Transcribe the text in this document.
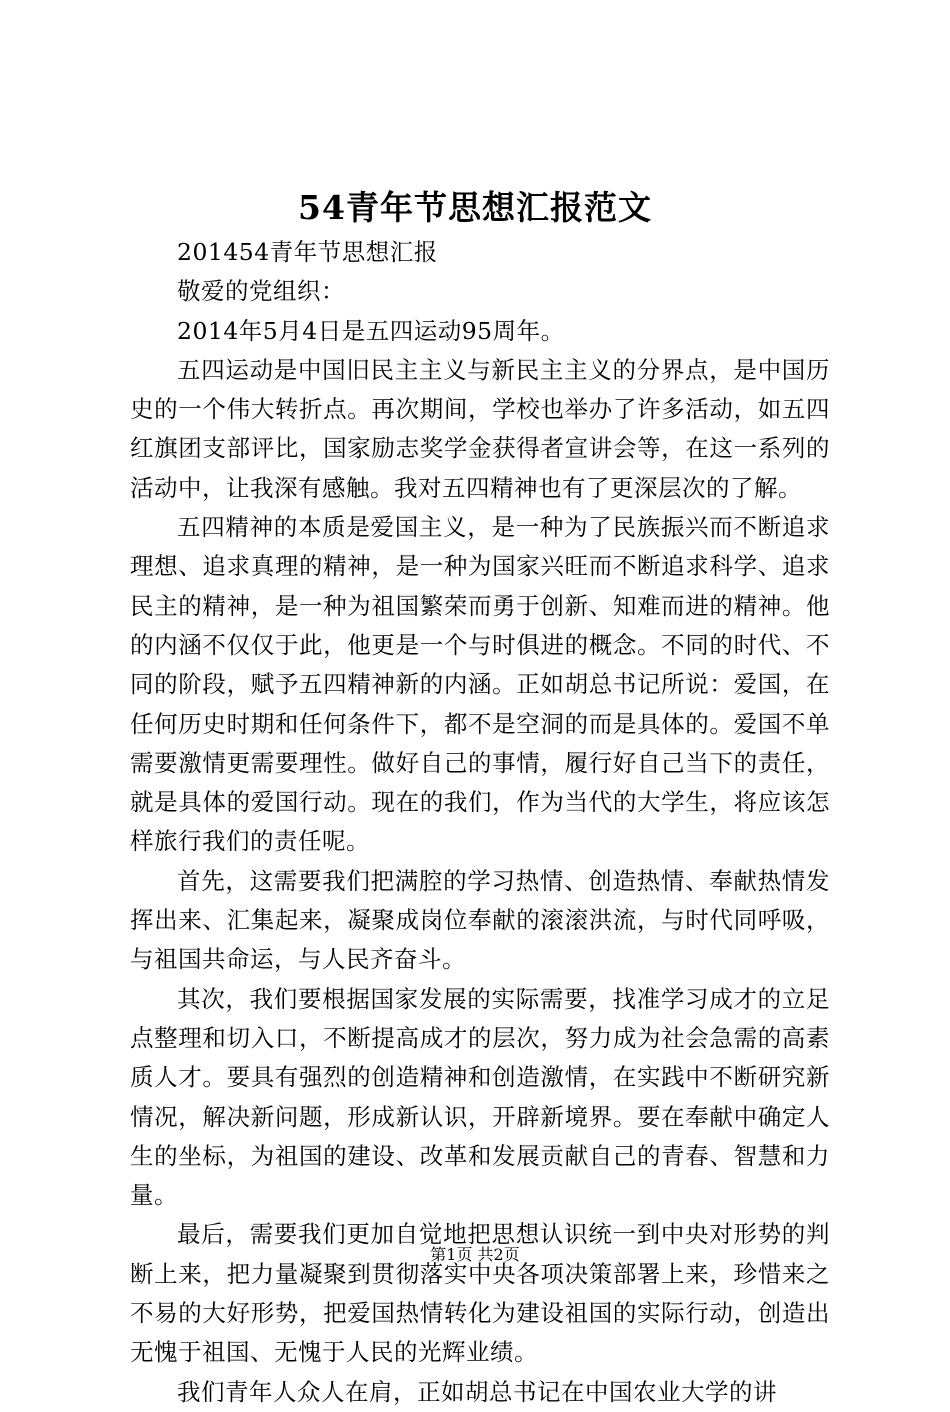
54青年节思想汇报范文

201454青年节思想汇报

敬爱的党组织：

2014年5月4日是五四运动95周年。

五四运动是中国旧民主主义与新民主主义的分界点，是中国历史的一个伟大转折点。再次期间，学校也举办了许多活动，如五四红旗团支部评比，国家励志奖学金获得者宣讲会等，在这一系列的活动中，让我深有感触。我对五四精神也有了更深层次的了解。

五四精神的本质是爱国主义，是一种为了民族振兴而不断追求理想、追求真理的精神，是一种为国家兴旺而不断追求科学、追求民主的精神，是一种为祖国繁荣而勇于创新、知难而进的精神。他的内涵不仅仅于此，他更是一个与时俱进的概念。不同的时代、不同的阶段，赋予五四精神新的内涵。正如胡总书记所说：爱国，在任何历史时期和任何条件下，都不是空洞的而是具体的。爱国不单需要激情更需要理性。做好自己的事情，履行好自己当下的责任，就是具体的爱国行动。现在的我们，作为当代的大学生，将应该怎样旅行我们的责任呢。

首先，这需要我们把满腔的学习热情、创造热情、奉献热情发挥出来、汇集起来，凝聚成岗位奉献的滚滚洪流，与时代同呼吸，与祖国共命运，与人民齐奋斗。

其次，我们要根据国家发展的实际需要，找准学习成才的立足点整理和切入口，不断提高成才的层次，努力成为社会急需的高素质人才。要具有强烈的创造精神和创造激情，在实践中不断研究新情况，解决新问题，形成新认识，开辟新境界。要在奉献中确定人生的坐标，为祖国的建设、改革和发展贡献自己的青春、智慧和力量。

最后，需要我们更加自觉地把思想认识统一到中央对形势的判断上来，把力量凝聚到贯彻落实中央各项决策部署上来，珍惜来之不易的大好形势，把爱国热情转化为建设祖国的实际行动，创造出无愧于祖国、无愧于人民的光辉业绩。

我们青年人众人在肩，正如胡总书记在中国农业大学的讲

第1页 共2页
